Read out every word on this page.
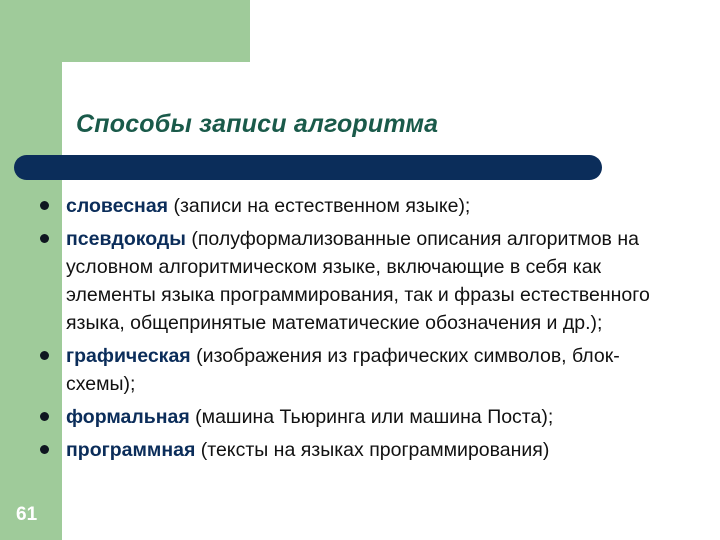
Способы записи алгоритма
словесная (записи на естественном языке);
псевдокоды (полуформализованные описания алгоритмов на условном алгоритмическом языке, включающие в себя как элементы языка программирования, так и фразы естественного языка, общепринятые математические обозначения и др.);
графическая (изображения из графических символов, блок-схемы);
формальная (машина Тьюринга или машина Поста);
программная (тексты на языках программирования)
61
